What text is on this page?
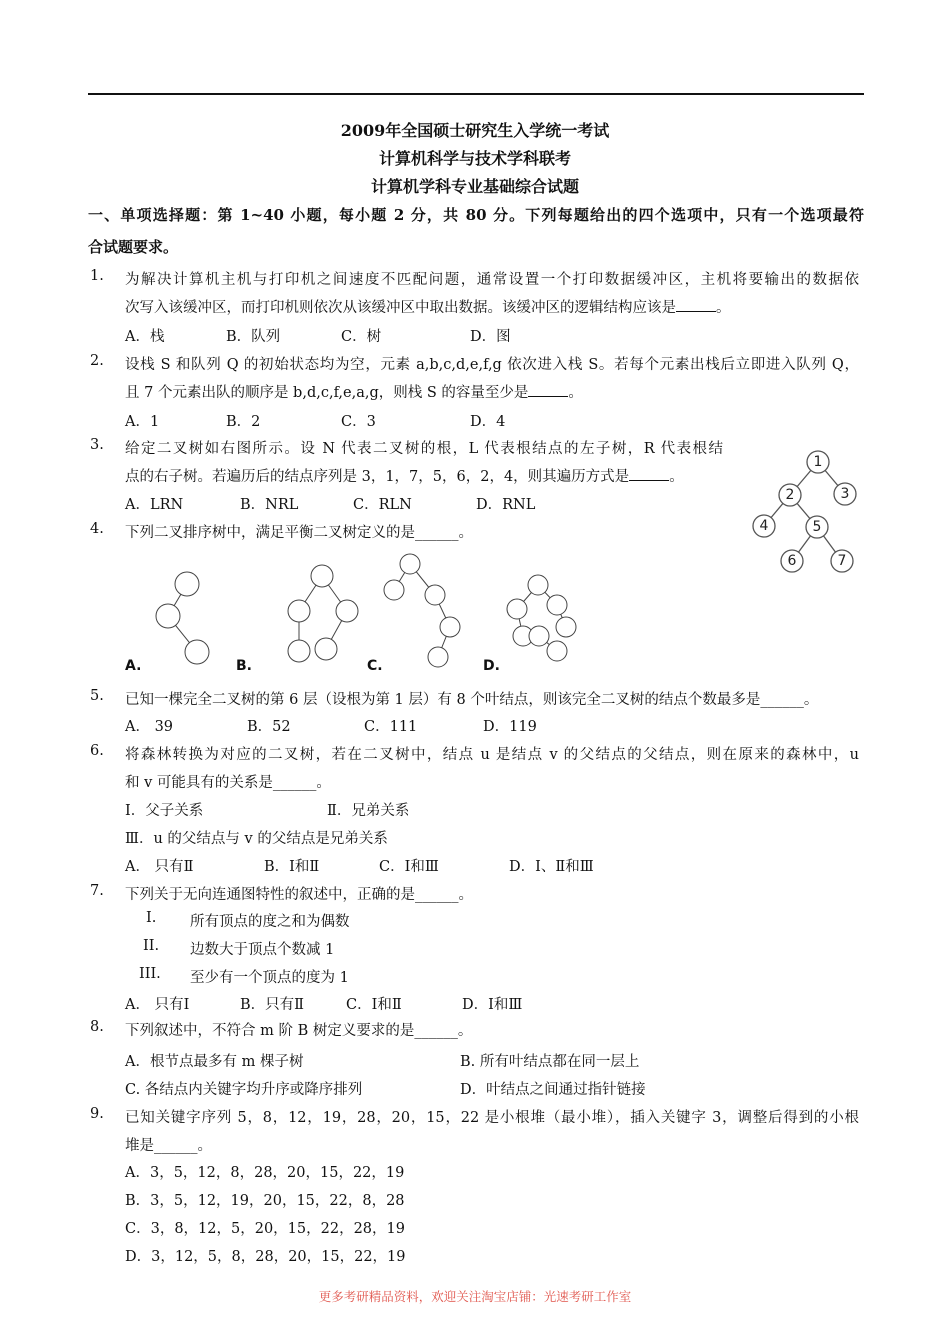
2009年全国硕士研究生入学统一考试
计算机科学与技术学科联考
计算机学科专业基础综合试题
一、单项选择题：第 1~40 小题，每小题 2 分，共 80 分。下列每题给出的四个选项中，只有一个选项最符
合试题要求。
1. 为解决计算机主机与打印机之间速度不匹配问题，通常设置一个打印数据缓冲区，主机将要输出的数据依
次写入该缓冲区，而打印机则依次从该缓冲区中取出数据。该缓冲区的逻辑结构应该是	。
A．栈	B．队列	C．树	D．图
2. 设栈 S 和队列 Q 的初始状态均为空，元素 a,b,c,d,e,f,g 依次进入栈 S。若每个元素出栈后立即进入队列 Q，
且 7 个元素出队的顺序是 b,d,c,f,e,a,g，则栈 S 的容量至少是	。
A．1	B．2	C．3	D．4
3. 给定二叉树如右图所示。设 N 代表二叉树的根，L 代表根结点的左子树，R 代表根结
点的右子树。若遍历后的结点序列是 3，1，7，5，6，2，4，则其遍历方式是	。
A．LRN	B．NRL	C．RLN	D．RNL
1
2	3
4	5
6	7
4. 下列二叉排序树中，满足平衡二叉树定义的是______。
A.	B.	C.	D.
5. 已知一棵完全二叉树的第 6 层（设根为第 1 层）有 8 个叶结点，则该完全二叉树的结点个数最多是______。
A． 39	B．52	C．111	D．119
6. 将森林转换为对应的二叉树，若在二叉树中，结点 u 是结点 v 的父结点的父结点，则在原来的森林中，u
和 v 可能具有的关系是______。
Ⅰ．父子关系	Ⅱ．兄弟关系
Ⅲ．u 的父结点与 v 的父结点是兄弟关系
A． 只有Ⅱ	B．Ⅰ和Ⅱ	C．Ⅰ和Ⅲ	D．Ⅰ、Ⅱ和Ⅲ
7. 下列关于无向连通图特性的叙述中，正确的是______。
I. 所有顶点的度之和为偶数
II. 边数大于顶点个数减 1
III. 至少有一个顶点的度为 1
A． 只有Ⅰ	B．只有Ⅱ	C．Ⅰ和Ⅱ	D．Ⅰ和Ⅲ
8. 下列叙述中，不符合 m 阶 B 树定义要求的是______。
A．根节点最多有 m 棵子树	B. 所有叶结点都在同一层上
C. 各结点内关键字均升序或降序排列	D．叶结点之间通过指针链接
9. 已知关键字序列 5，8，12，19，28，20，15，22 是小根堆（最小堆），插入关键字 3，调整后得到的小根
堆是______。
A．3，5，12，8，28，20，15，22，19
B．3，5，12，19，20，15，22，8，28
C．3，8，12，5，20，15，22，28，19
D．3，12，5，8，28，20，15，22，19
更多考研精品资料，欢迎关注淘宝店铺：光速考研工作室
